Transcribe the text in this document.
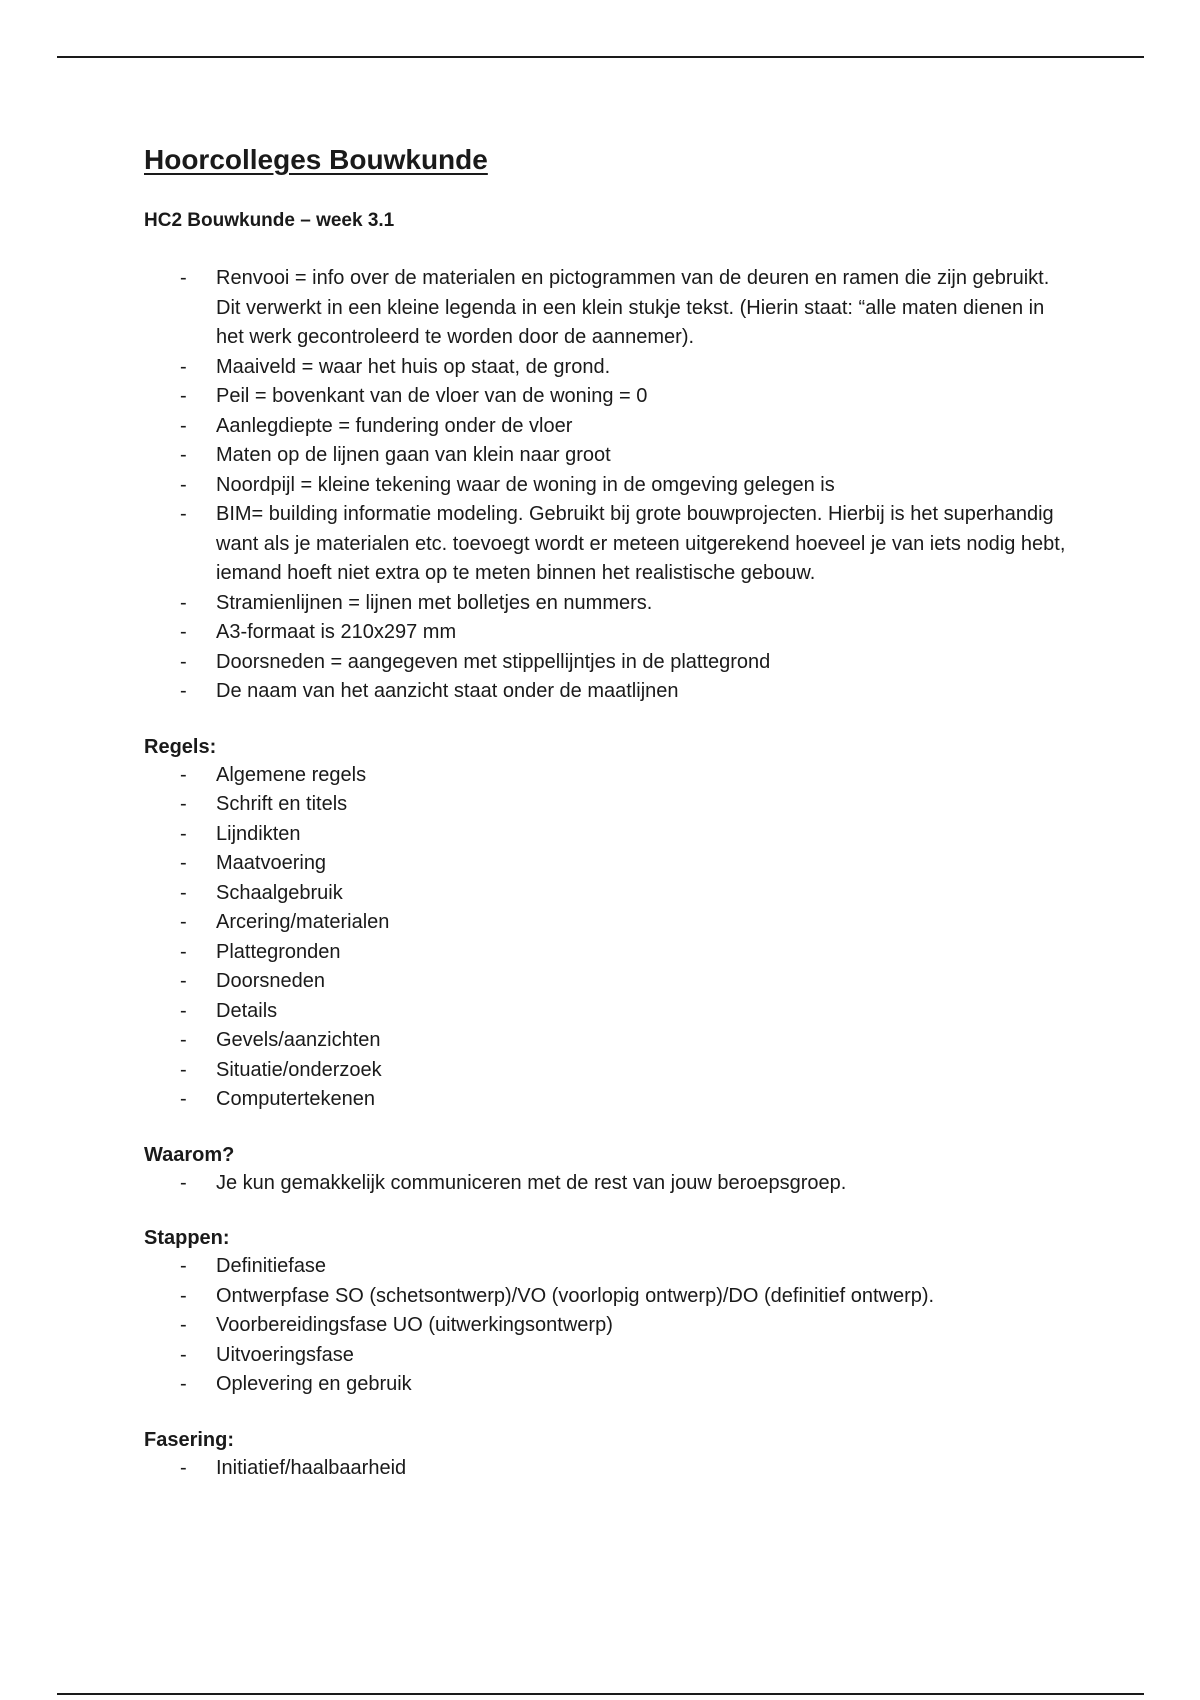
Hoorcolleges Bouwkunde
HC2 Bouwkunde – week 3.1
- Renvooi = info over de materialen en pictogrammen van de deuren en ramen die zijn gebruikt. Dit verwerkt in een kleine legenda in een klein stukje tekst. (Hierin staat: “alle maten dienen in het werk gecontroleerd te worden door de aannemer).
- Maaiveld = waar het huis op staat, de grond.
- Peil = bovenkant van de vloer van de woning = 0
- Aanlegdiepte = fundering onder de vloer
- Maten op de lijnen gaan van klein naar groot
- Noordpijl = kleine tekening waar de woning in de omgeving gelegen is
- BIM= building informatie modeling. Gebruikt bij grote bouwprojecten. Hierbij is het superhandig want als je materialen etc. toevoegt wordt er meteen uitgerekend hoeveel je van iets nodig hebt, iemand hoeft niet extra op te meten binnen het realistische gebouw.
- Stramienlijnen = lijnen met bolletjes en nummers.
- A3-formaat is 210x297 mm
- Doorsneden = aangegeven met stippellijntjes in de plattegrond
- De naam van het aanzicht staat onder de maatlijnen
Regels:
- Algemene regels
- Schrift en titels
- Lijndikten
- Maatvoering
- Schaalgebruik
- Arcering/materialen
- Plattegronden
- Doorsneden
- Details
- Gevels/aanzichten
- Situatie/onderzoek
- Computertekenen
Waarom?
- Je kun gemakkelijk communiceren met de rest van jouw beroepsgroep.
Stappen:
- Definitiefase
- Ontwerpfase SO (schetsontwerp)/VO (voorlopig ontwerp)/DO (definitief ontwerp).
- Voorbereidingsfase UO (uitwerkingsontwerp)
- Uitvoeringsfase
- Oplevering en gebruik
Fasering:
- Initiatief/haalbaarheid
